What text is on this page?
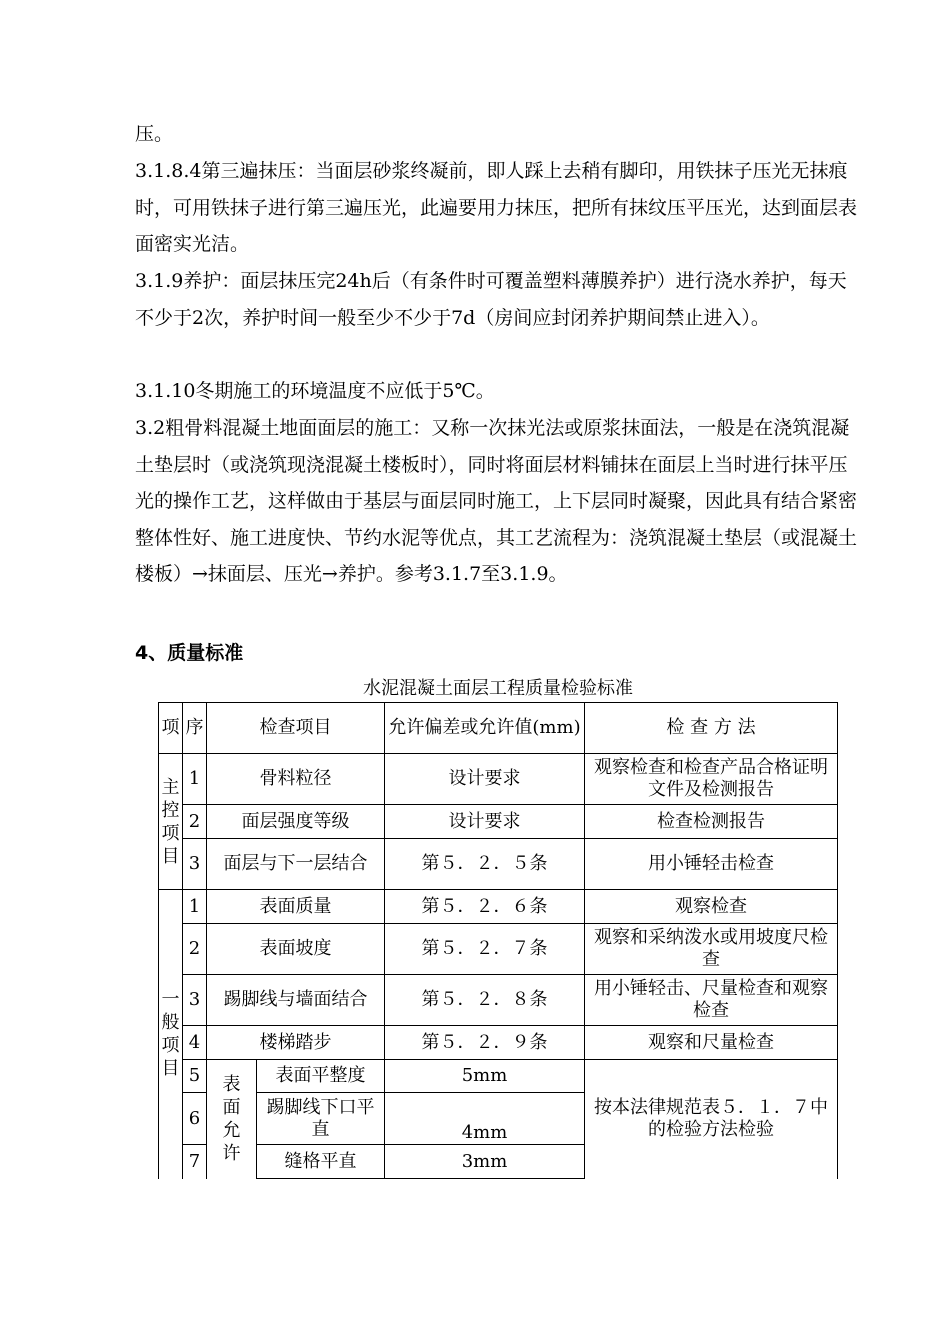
压。

3.1.8.4第三遍抹压：当面层砂浆终凝前，即人踩上去稍有脚印，用铁抹子压光无抹痕时，可用铁抹子进行第三遍压光，此遍要用力抹压，把所有抹纹压平压光，达到面层表面密实光洁。

3.1.9养护：面层抹压完24h后（有条件时可覆盖塑料薄膜养护）进行浇水养护，每天不少于2次，养护时间一般至少不少于7d（房间应封闭养护期间禁止进入）。

3.1.10冬期施工的环境温度不应低于5℃。

3.2粗骨料混凝土地面面层的施工：又称一次抹光法或原浆抹面法，一般是在浇筑混凝土垫层时（或浇筑现浇混凝土楼板时），同时将面层材料铺抹在面层上当时进行抹平压光的操作工艺，这样做由于基层与面层同时施工，上下层同时凝聚，因此具有结合紧密整体性好、施工进度快、节约水泥等优点，其工艺流程为：浇筑混凝土垫层（或混凝土楼板）→抹面层、压光→养护。参考3.1.7至3.1.9。

4、质量标准

水泥混凝土面层工程质量检验标准

项	序	检查项目		允许偏差或允许值(mm)	检 查 方 法

主控项目	1	骨料粒径		设计要求	观察检查和检查产品合格证明文件及检测报告
	2	面层强度等级		设计要求	检查检测报告
	3	面层与下一层结合		第５．２．５条	用小锤轻击检查

一般项目	1	表面质量		第５．２．６条	观察检查
	2	表面坡度		第５．２．７条	观察和采纳泼水或用坡度尺检查
	3	踢脚线与墙面结合		第５．２．８条	用小锤轻击、尺量检查和观察检查
	4	楼梯踏步		第５．２．９条	观察和尺量检查
	5	表面允许	表面平整度	5mm	按本法律规范表５．１．７中的检验方法检验
	6		踢脚线下口平直	4mm	
	7		缝格平直	3mm	
